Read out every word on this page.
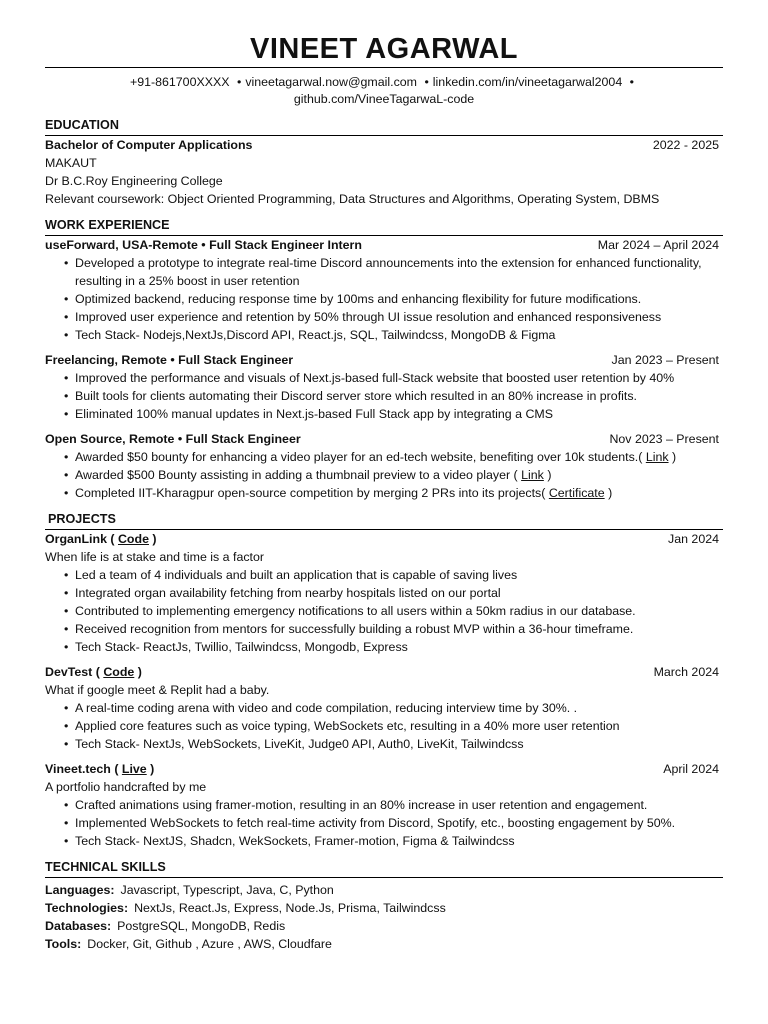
VINEET AGARWAL
+91-861700XXXX • vineetagarwal.now@gmail.com • linkedin.com/in/vineetagarwal2004 •
github.com/VineeTagarwaL-code
EDUCATION
Bachelor of Computer Applications	2022 - 2025
MAKAUT
Dr B.C.Roy Engineering College
Relevant coursework: Object Oriented Programming, Data Structures and Algorithms, Operating System, DBMS
WORK EXPERIENCE
useForward, USA-Remote • Full Stack Engineer Intern	Mar 2024 – April 2024
• Developed a prototype to integrate real-time Discord announcements into the extension for enhanced functionality, resulting in a 25% boost in user retention
• Optimized backend, reducing response time by 100ms and enhancing flexibility for future modifications.
• Improved user experience and retention by 50% through UI issue resolution and enhanced responsiveness
• Tech Stack- Nodejs,NextJs,Discord API, React.js, SQL, Tailwindcss, MongoDB & Figma
Freelancing, Remote • Full Stack Engineer	Jan 2023 – Present
• Improved the performance and visuals of Next.js-based full-Stack website that boosted user retention by 40%
• Built tools for clients automating their Discord server store which resulted in an 80% increase in profits.
• Eliminated 100% manual updates in Next.js-based Full Stack app by integrating a CMS
Open Source, Remote • Full Stack Engineer	Nov 2023 – Present
• Awarded $50 bounty for enhancing a video player for an ed-tech website, benefiting over 10k students.( Link )
• Awarded $500 Bounty assisting in adding a thumbnail preview to a video player ( Link )
• Completed IIT-Kharagpur open-source competition by merging 2 PRs into its projects( Certificate )
PROJECTS
OrganLink ( Code )	Jan 2024
When life is at stake and time is a factor
• Led a team of 4 individuals and built an application that is capable of saving lives
• Integrated organ availability fetching from nearby hospitals listed on our portal
• Contributed to implementing emergency notifications to all users within a 50km radius in our database.
• Received recognition from mentors for successfully building a robust MVP within a 36-hour timeframe.
• Tech Stack- ReactJs, Twillio, Tailwindcss, Mongodb, Express
DevTest ( Code )	March 2024
What if google meet & Replit had a baby.
• A real-time coding arena with video and code compilation, reducing interview time by 30%. .
• Applied core features such as voice typing, WebSockets etc, resulting in a 40% more user retention
• Tech Stack- NextJs, WebSockets, LiveKit, Judge0 API, Auth0, LiveKit, Tailwindcss
Vineet.tech ( Live )	April 2024
A portfolio handcrafted by me
• Crafted animations using framer-motion, resulting in an 80% increase in user retention and engagement.
• Implemented WebSockets to fetch real-time activity from Discord, Spotify, etc., boosting engagement by 50%.
• Tech Stack- NextJS, Shadcn, WekSockets, Framer-motion, Figma & Tailwindcss
TECHNICAL SKILLS
Languages: Javascript, Typescript, Java, C, Python
Technologies: NextJs, React.Js, Express, Node.Js, Prisma, Tailwindcss
Databases: PostgreSQL, MongoDB, Redis
Tools: Docker, Git, Github , Azure , AWS, Cloudfare
